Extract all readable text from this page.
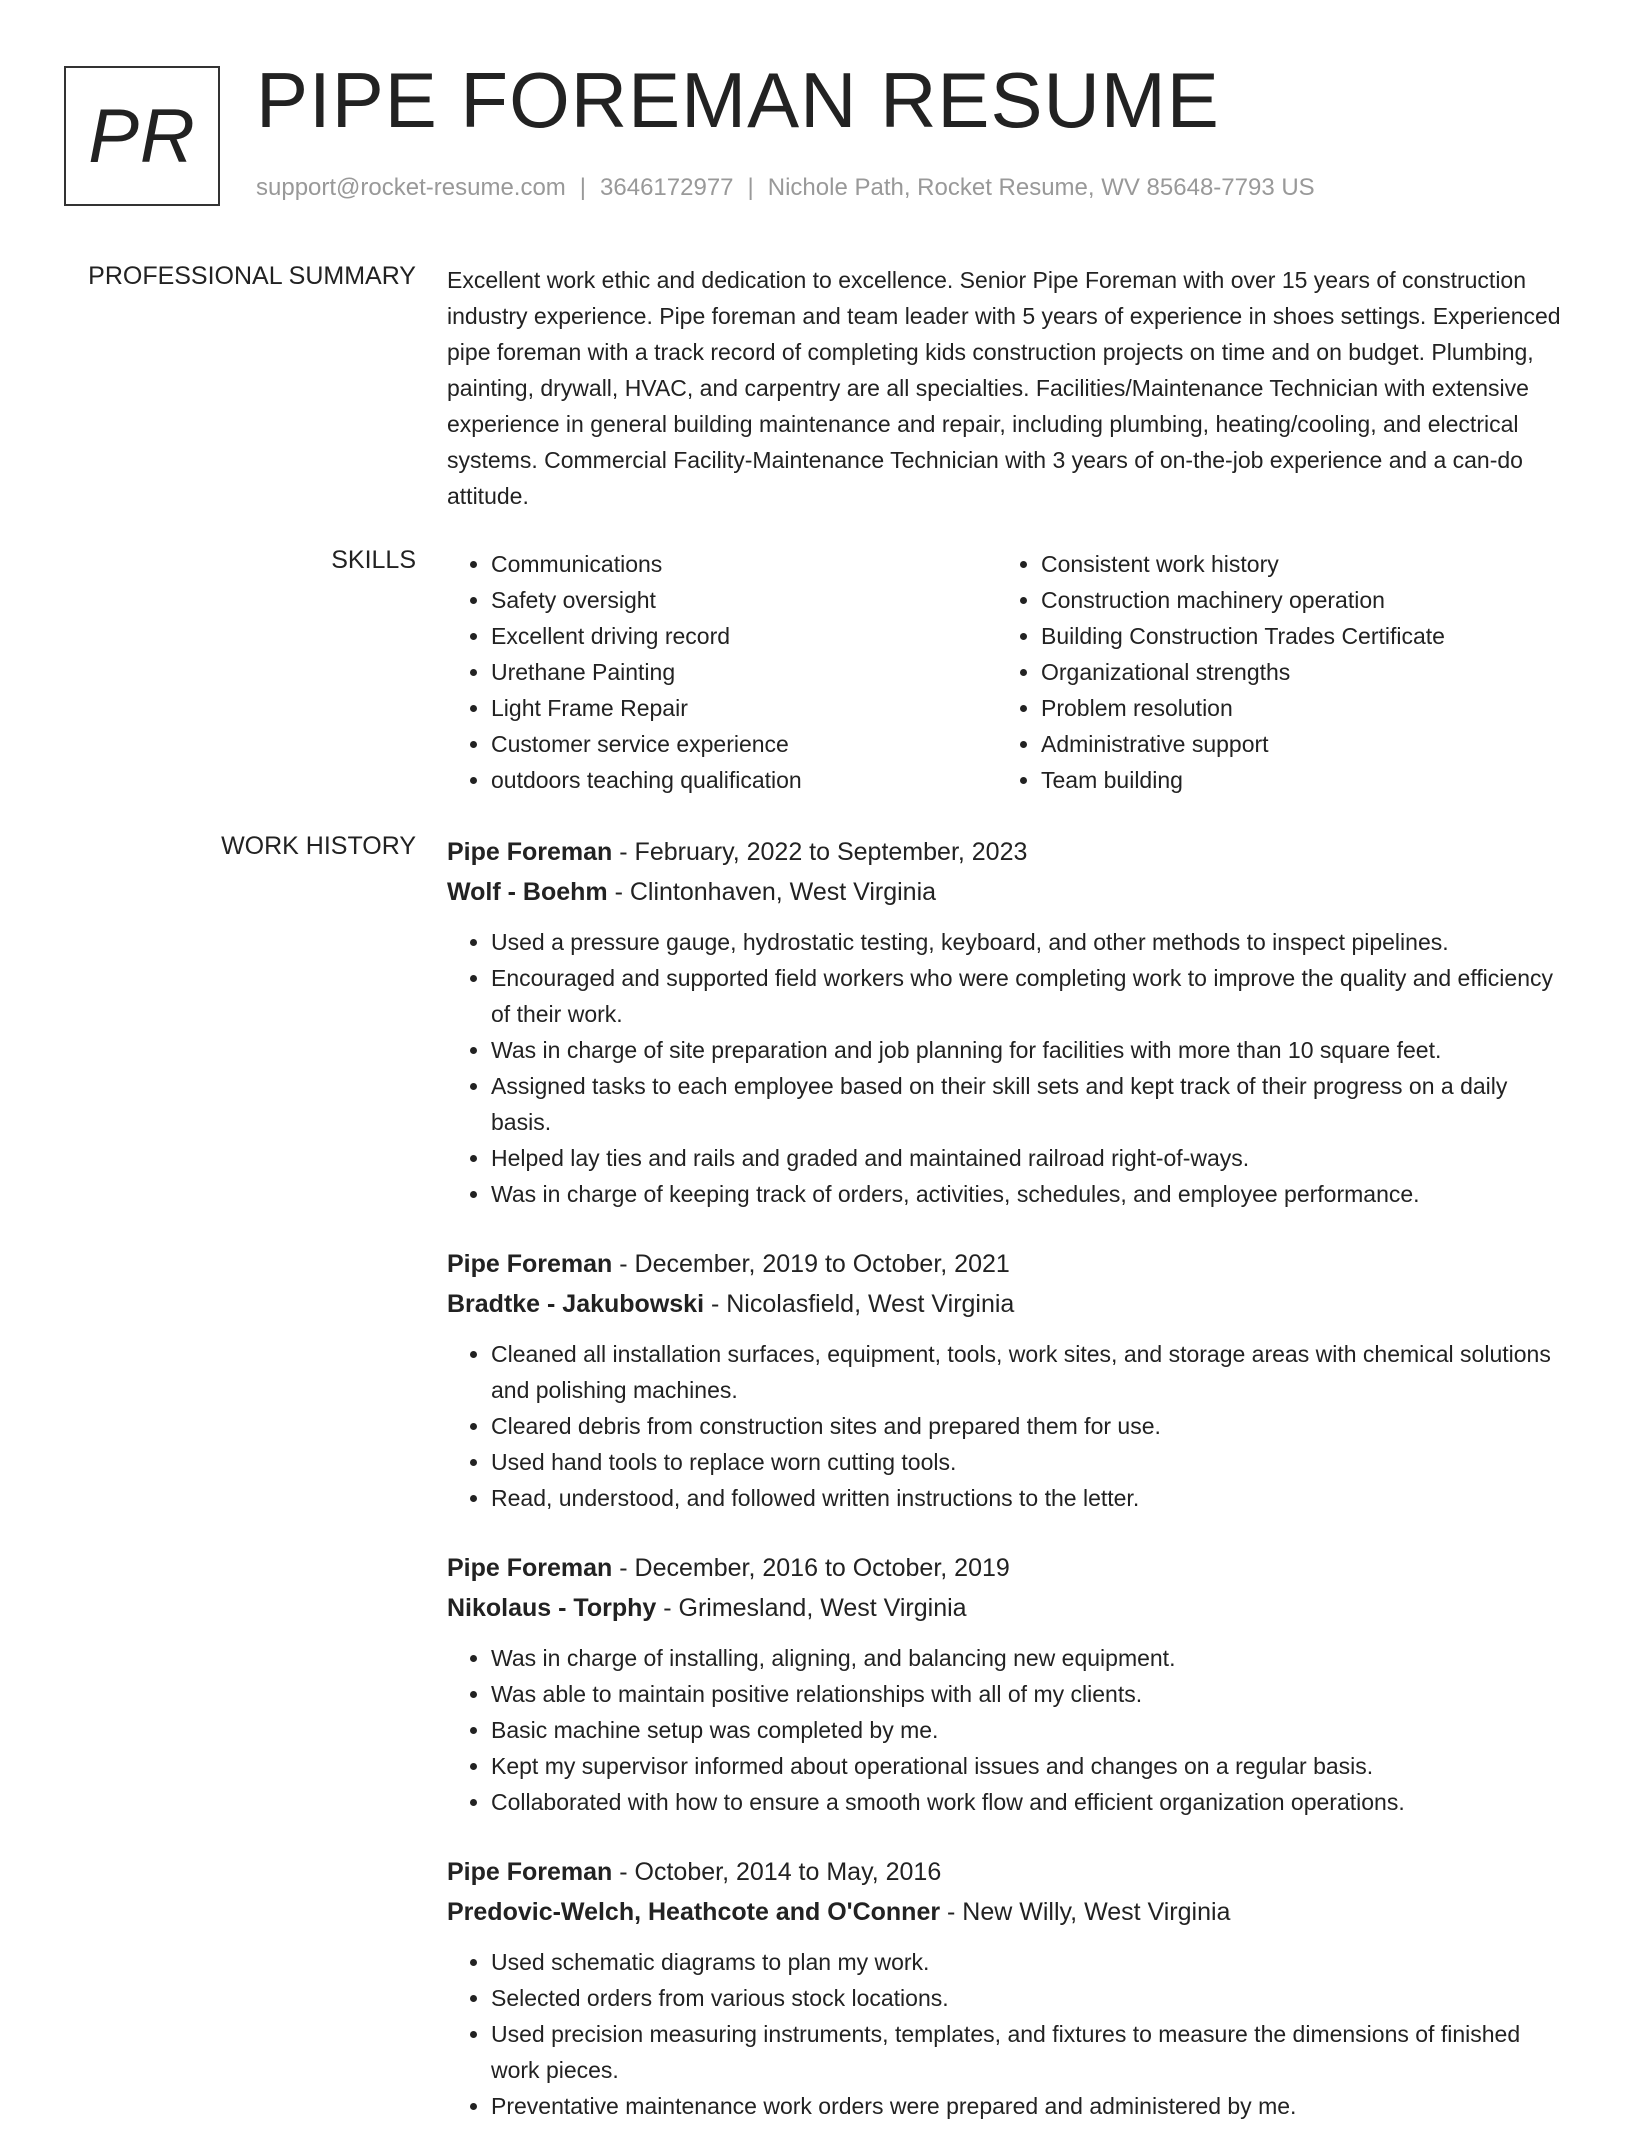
PR PIPE FOREMAN RESUME
support@rocket-resume.com | 3646172977 | Nichole Path, Rocket Resume, WV 85648-7793 US
PROFESSIONAL SUMMARY Excellent work ethic and dedication to excellence. Senior Pipe Foreman with over 15 years of construction industry experience. Pipe foreman and team leader with 5 years of experience in shoes settings. Experienced pipe foreman with a track record of completing kids construction projects on time and on budget. Plumbing, painting, drywall, HVAC, and carpentry are all specialties. Facilities/Maintenance Technician with extensive experience in general building maintenance and repair, including plumbing, heating/cooling, and electrical systems. Commercial Facility-Maintenance Technician with 3 years of on-the-job experience and a can-do attitude.

SKILLS
•	Communications
• Safety oversight
• Excellent driving record
• Urethane Painting
• Light Frame Repair
• Customer service experience
• outdoors teaching qualification
• Consistent work history
• Construction machinery operation
• Building Construction Trades Certificate
• Organizational strengths
• Problem resolution
• Administrative support
• Team building
WORK HISTORY Pipe Foreman - February, 2022 to September, 2023

Wolf - Boehm - Clintonhaven, West Virginia

• Used a pressure gauge, hydrostatic testing, keyboard, and other methods to inspect pipelines.
• Encouraged and supported field workers who were completing work to improve the quality and efficiency of their work.
• Was in charge of site preparation and job planning for facilities with more than 10 square feet.
• Assigned tasks to each employee based on their skill sets and kept track of their progress on a daily basis.
• Helped lay ties and rails and graded and maintained railroad right-of-ways.
• Was in charge of keeping track of orders, activities, schedules, and employee performance.

Pipe Foreman - December, 2019 to October, 2021

Bradtke - Jakubowski - Nicolasfield, West Virginia

• Cleaned all installation surfaces, equipment, tools, work sites, and storage areas with chemical solutions and polishing machines.
• Cleared debris from construction sites and prepared them for use.
• Used hand tools to replace worn cutting tools.
• Read, understood, and followed written instructions to the letter.

Pipe Foreman - December, 2016 to October, 2019

Nikolaus - Torphy - Grimesland, West Virginia

• Was in charge of installing, aligning, and balancing new equipment.
• Was able to maintain positive relationships with all of my clients.
• Basic machine setup was completed by me.
• Kept my supervisor informed about operational issues and changes on a regular basis.
• Collaborated with how to ensure a smooth work flow and efficient organization operations.

Pipe Foreman - October, 2014 to May, 2016

Predovic-Welch, Heathcote and O'Conner - New Willy, West Virginia

• Used schematic diagrams to plan my work.
• Selected orders from various stock locations.
• Used precision measuring instruments, templates, and fixtures to measure the dimensions of finished work pieces.
• Preventative maintenance work orders were prepared and administered by me.
